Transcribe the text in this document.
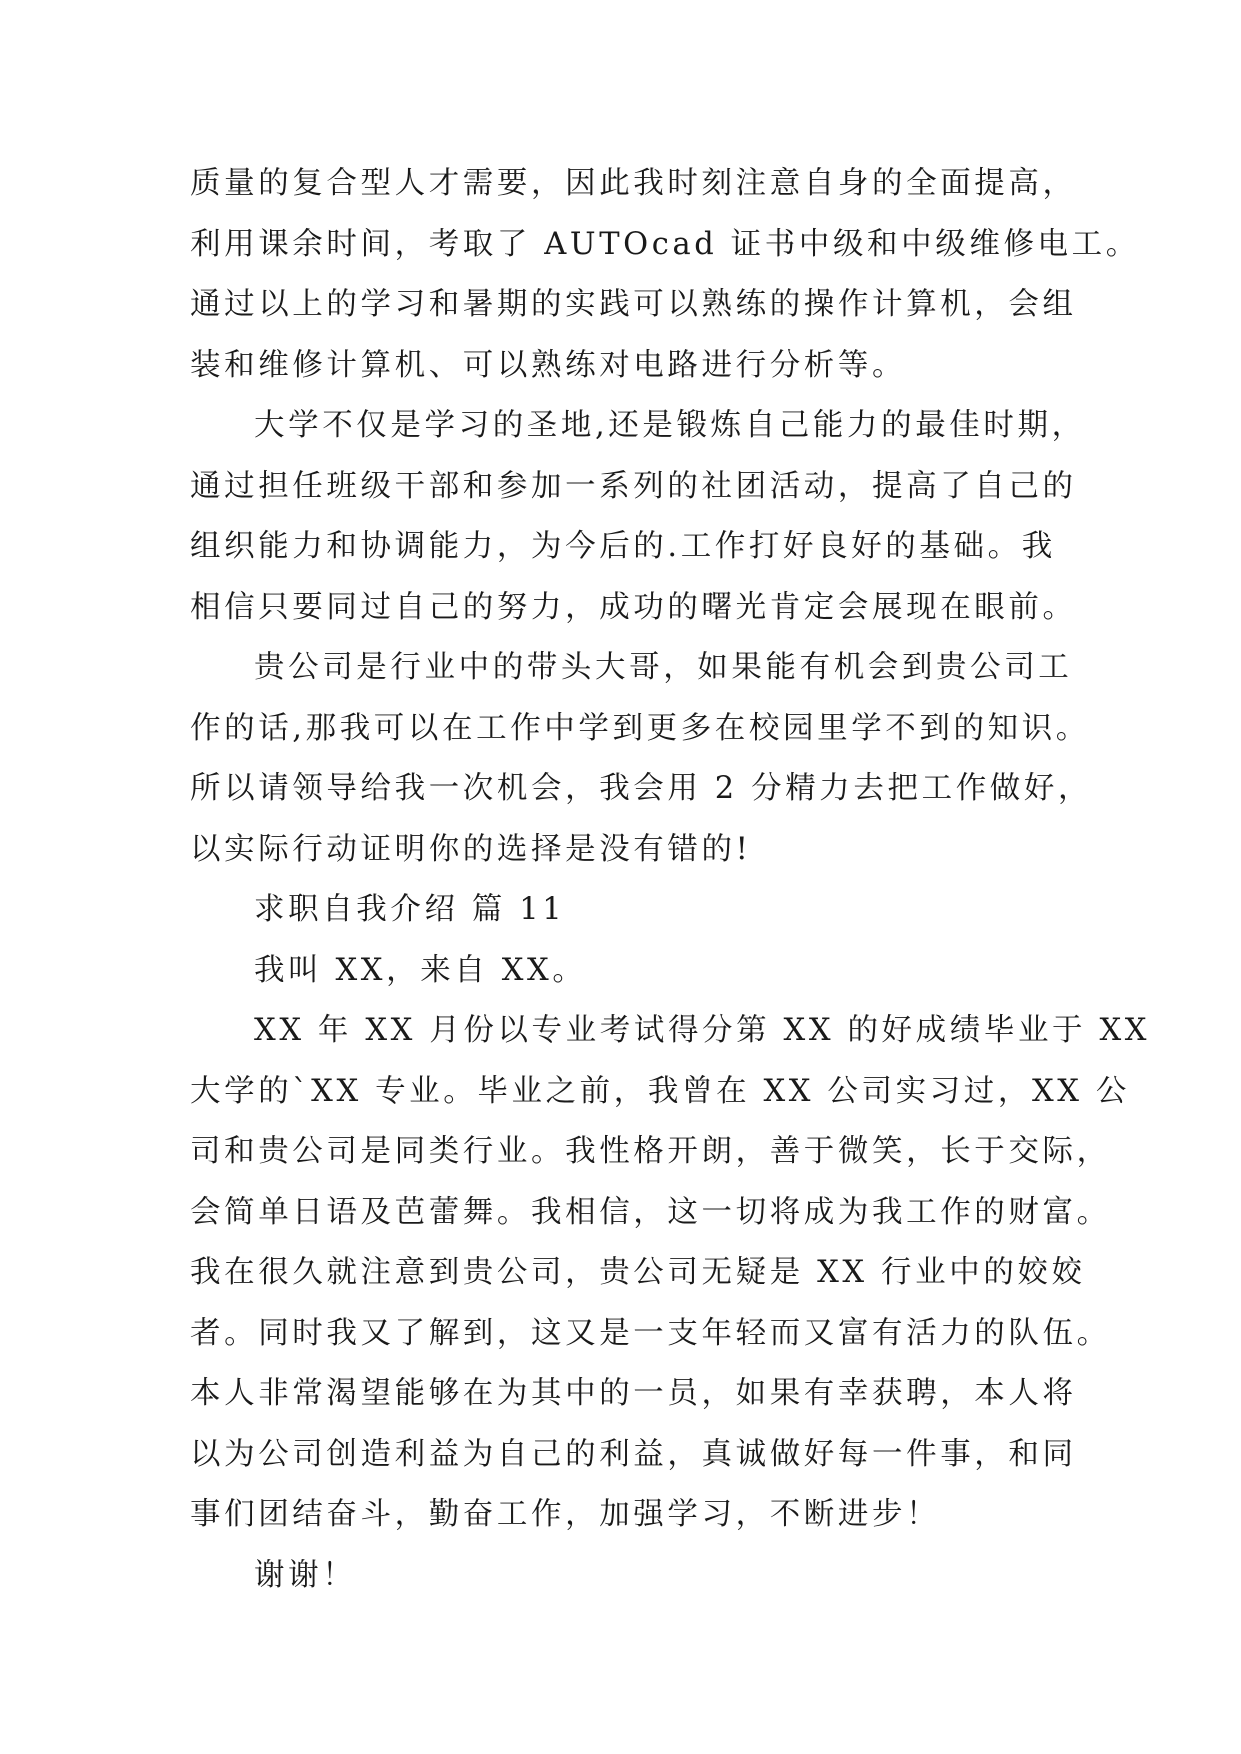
质量的复合型人才需要，因此我时刻注意自身的全面提高，
利用课余时间，考取了 AUTOcad 证书中级和中级维修电工。
通过以上的学习和暑期的实践可以熟练的操作计算机，会组
装和维修计算机、可以熟练对电路进行分析等。
大学不仅是学习的圣地,还是锻炼自己能力的最佳时期，
通过担任班级干部和参加一系列的社团活动，提高了自己的
组织能力和协调能力，为今后的.工作打好良好的基础。我
相信只要同过自己的努力，成功的曙光肯定会展现在眼前。
贵公司是行业中的带头大哥，如果能有机会到贵公司工
作的话,那我可以在工作中学到更多在校园里学不到的知识。
所以请领导给我一次机会，我会用 2 分精力去把工作做好，
以实际行动证明你的选择是没有错的!
求职自我介绍 篇 11
我叫 XX，来自 XX。
XX 年 XX 月份以专业考试得分第 XX 的好成绩毕业于 XX
大学的`XX 专业。毕业之前，我曾在 XX 公司实习过，XX 公
司和贵公司是同类行业。我性格开朗，善于微笑，长于交际，
会简单日语及芭蕾舞。我相信，这一切将成为我工作的财富。
我在很久就注意到贵公司，贵公司无疑是 XX 行业中的姣姣
者。同时我又了解到，这又是一支年轻而又富有活力的队伍。
本人非常渴望能够在为其中的一员，如果有幸获聘，本人将
以为公司创造利益为自己的利益，真诚做好每一件事，和同
事们团结奋斗，勤奋工作，加强学习，不断进步！
谢谢！
